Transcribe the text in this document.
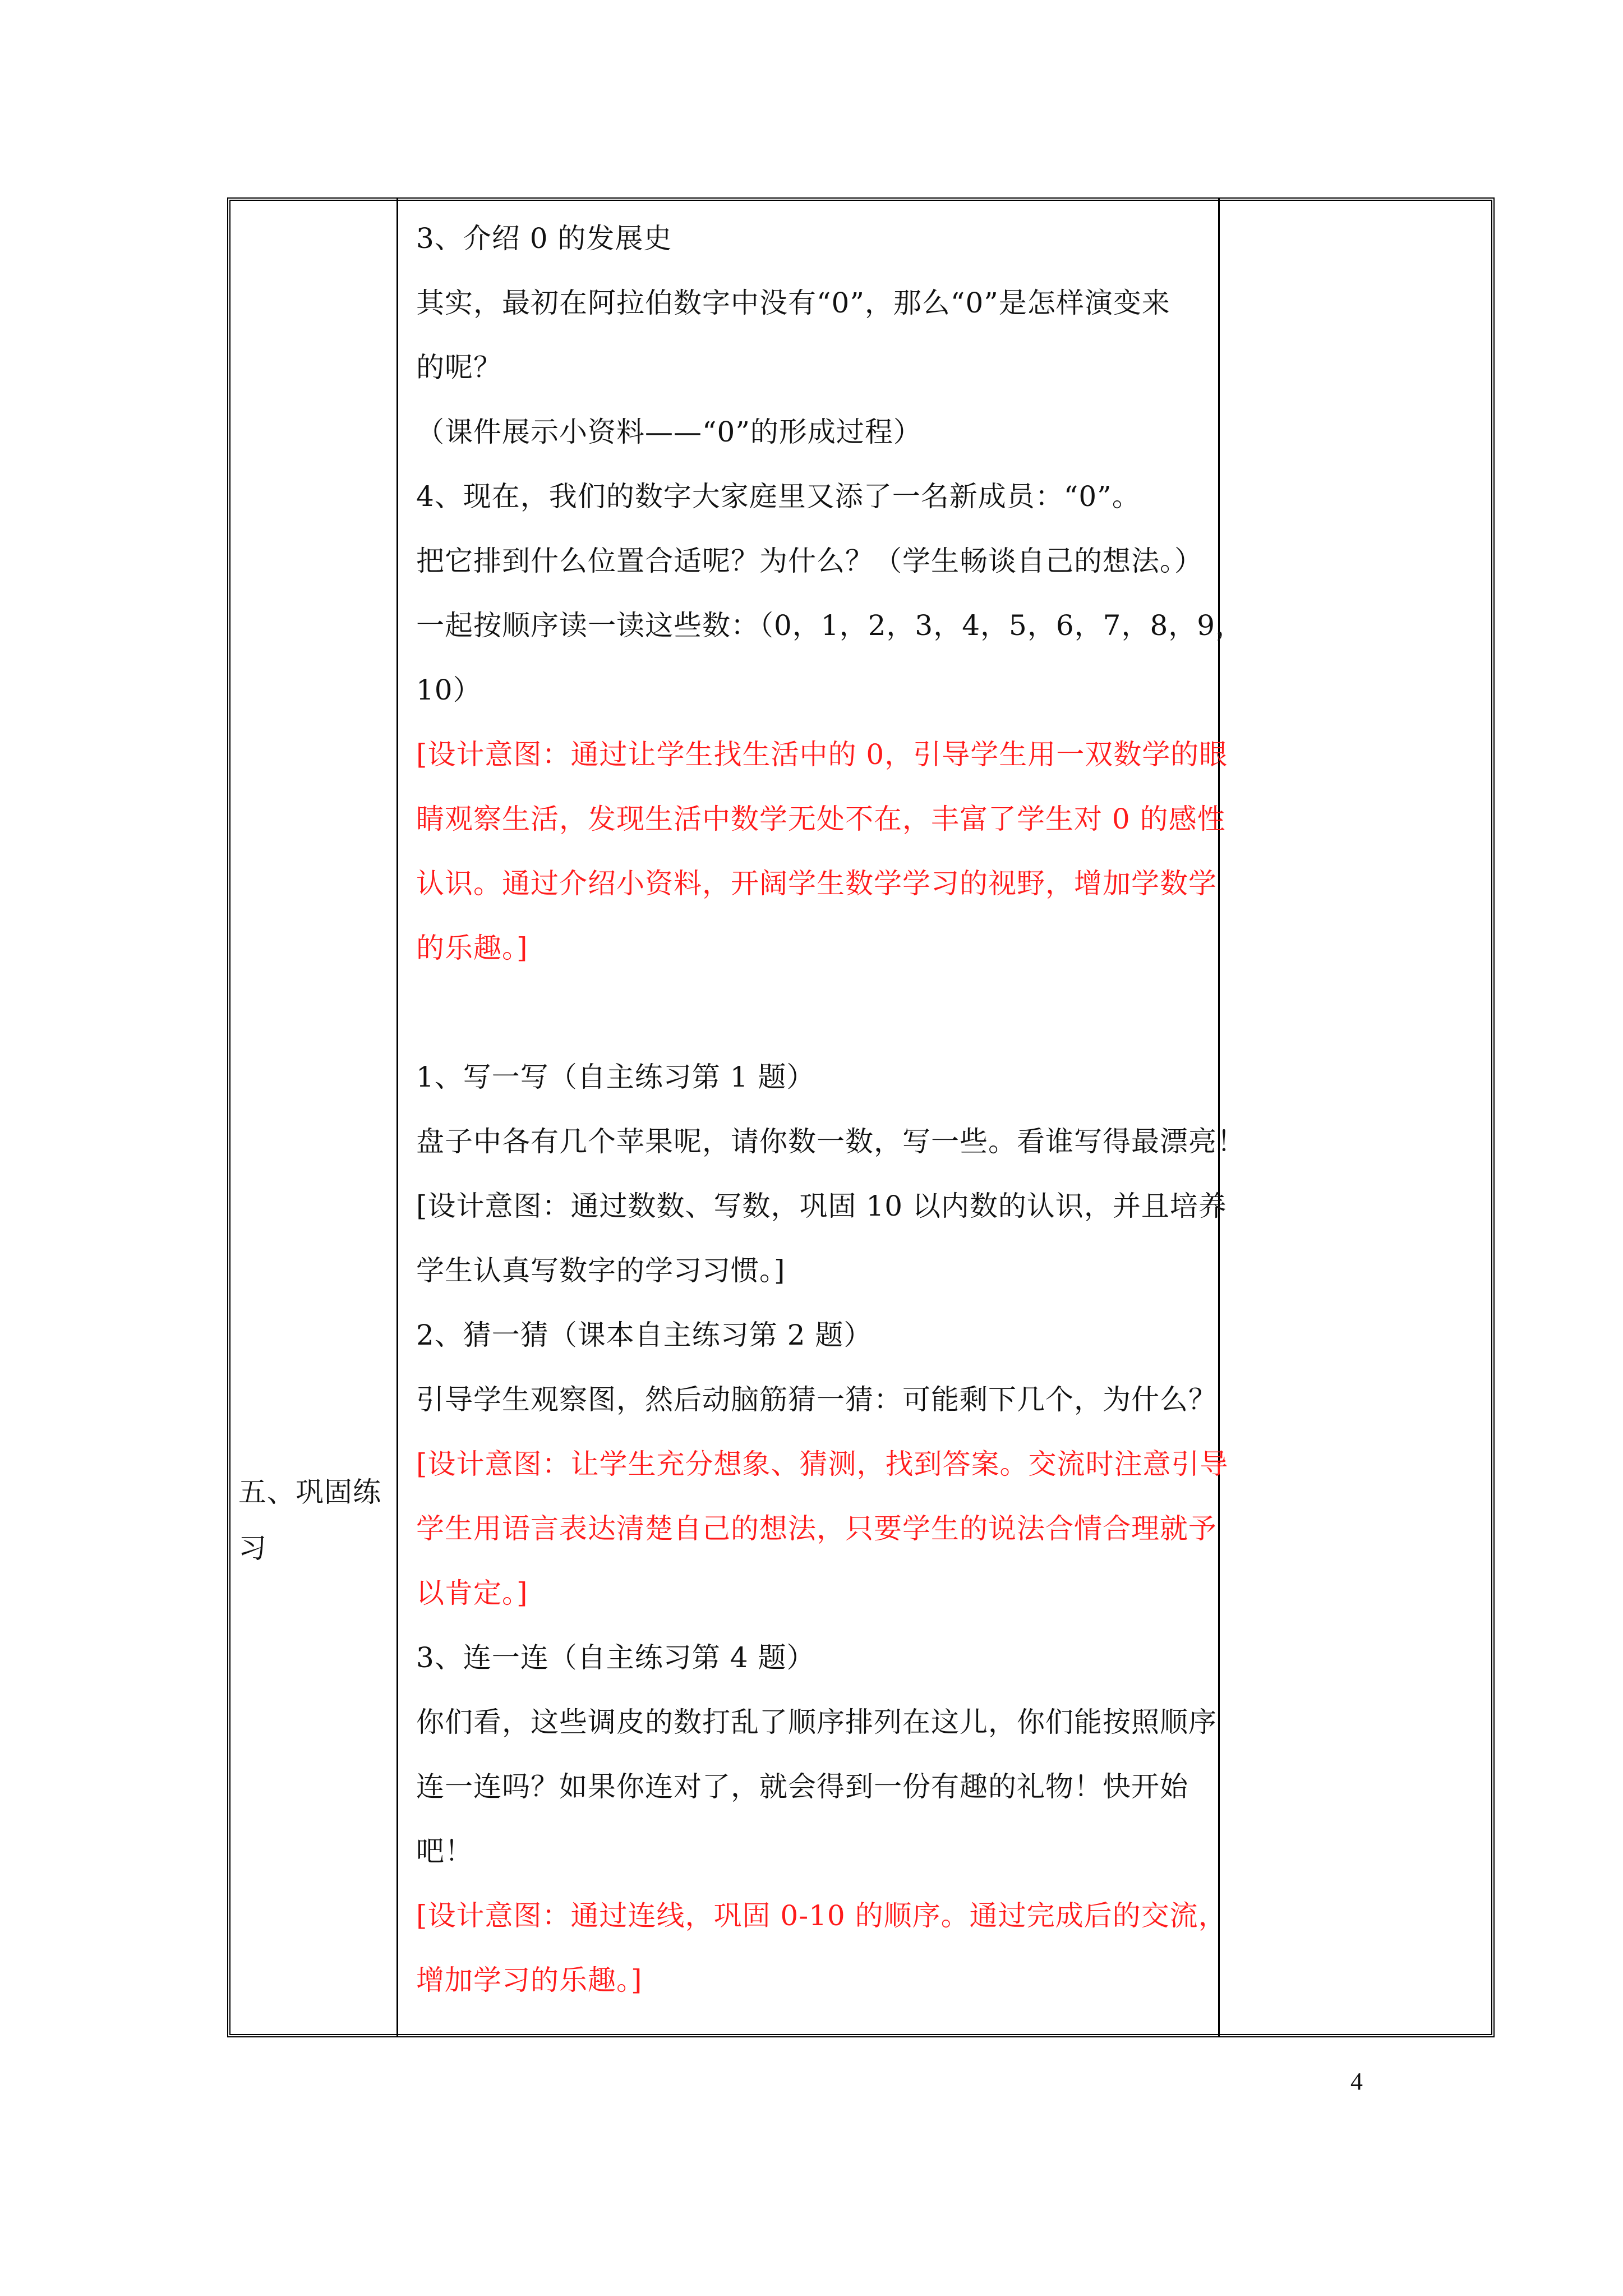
3、介绍 0 的发展史

其实，最初在阿拉伯数字中没有“0”，那么“0”是怎样演变来

的呢？

（课件展示小资料——“0”的形成过程）

4、现在，我们的数字大家庭里又添了一名新成员：“0”。

把它排到什么位置合适呢？为什么？（学生畅谈自己的想法。）

一起按顺序读一读这些数：（0，1，2，3，4，5，6，7，8，9，

10）

[设计意图：通过让学生找生活中的 0，引导学生用一双数学的眼

睛观察生活，发现生活中数学无处不在，丰富了学生对 0 的感性

认识。通过介绍小资料，开阔学生数学学习的视野，增加学数学

的乐趣。]

1、写一写（自主练习第 1 题）

盘子中各有几个苹果呢，请你数一数，写一些。看谁写得最漂亮！

[设计意图：通过数数、写数，巩固 10 以内数的认识，并且培养

学生认真写数字的学习习惯。]

2、猜一猜（课本自主练习第 2 题）

引导学生观察图，然后动脑筋猜一猜：可能剩下几个，为什么？

[设计意图：让学生充分想象、猜测，找到答案。交流时注意引导

学生用语言表达清楚自己的想法，只要学生的说法合情合理就予

以肯定。]

3、连一连（自主练习第 4 题）

你们看，这些调皮的数打乱了顺序排列在这儿，你们能按照顺序

连一连吗？如果你连对了，就会得到一份有趣的礼物！快开始

吧！

[设计意图：通过连线，巩固 0-10 的顺序。通过完成后的交流，

增加学习的乐趣。]

五、巩固练

习

4
